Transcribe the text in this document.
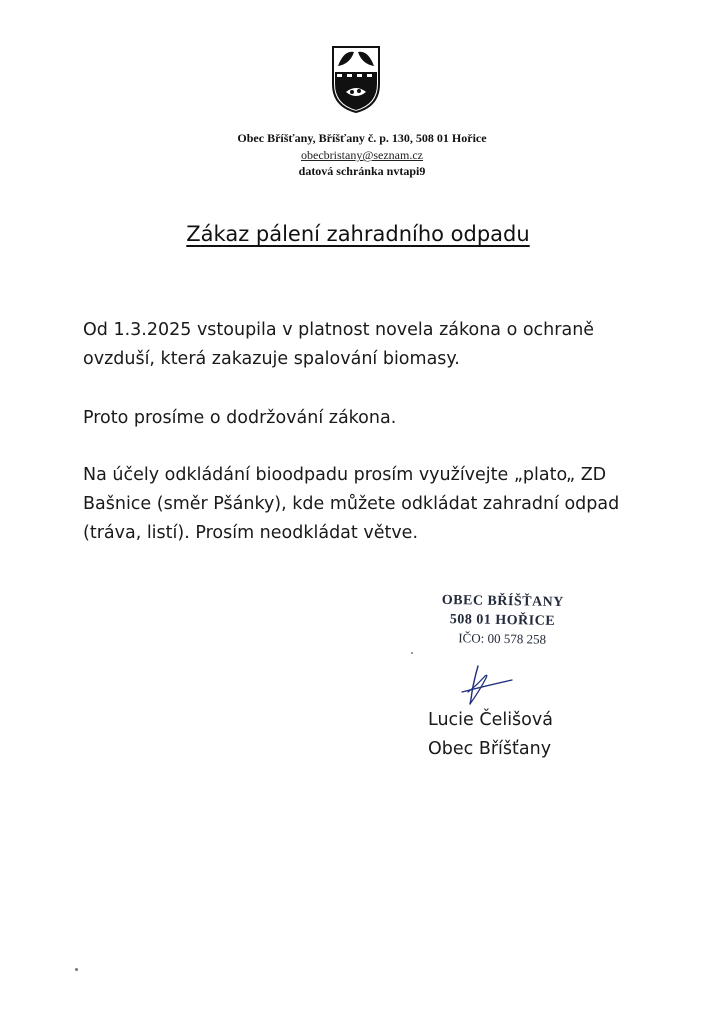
Obec Bříšťany, Bříšťany č. p. 130, 508 01 Hořice
obecbristany@seznam.cz
datová schránka nvtapi9
Zákaz pálení zahradního odpadu
Od 1.3.2025 vstoupila v platnost novela zákona o ochraně ovzduší, která zakazuje spalování biomasy.
Proto prosíme o dodržování zákona.
Na účely odkládání bioodpadu prosím využívejte „plato„ ZD Bašnice (směr Pšánky), kde můžete odkládat zahradní odpad (tráva, listí). Prosím neodkládat větve.
OBEC BŘÍŠŤANY
508 01 HOŘICE
IČO: 00 578 258
Lucie Čelišová
Obec Bříšťany
